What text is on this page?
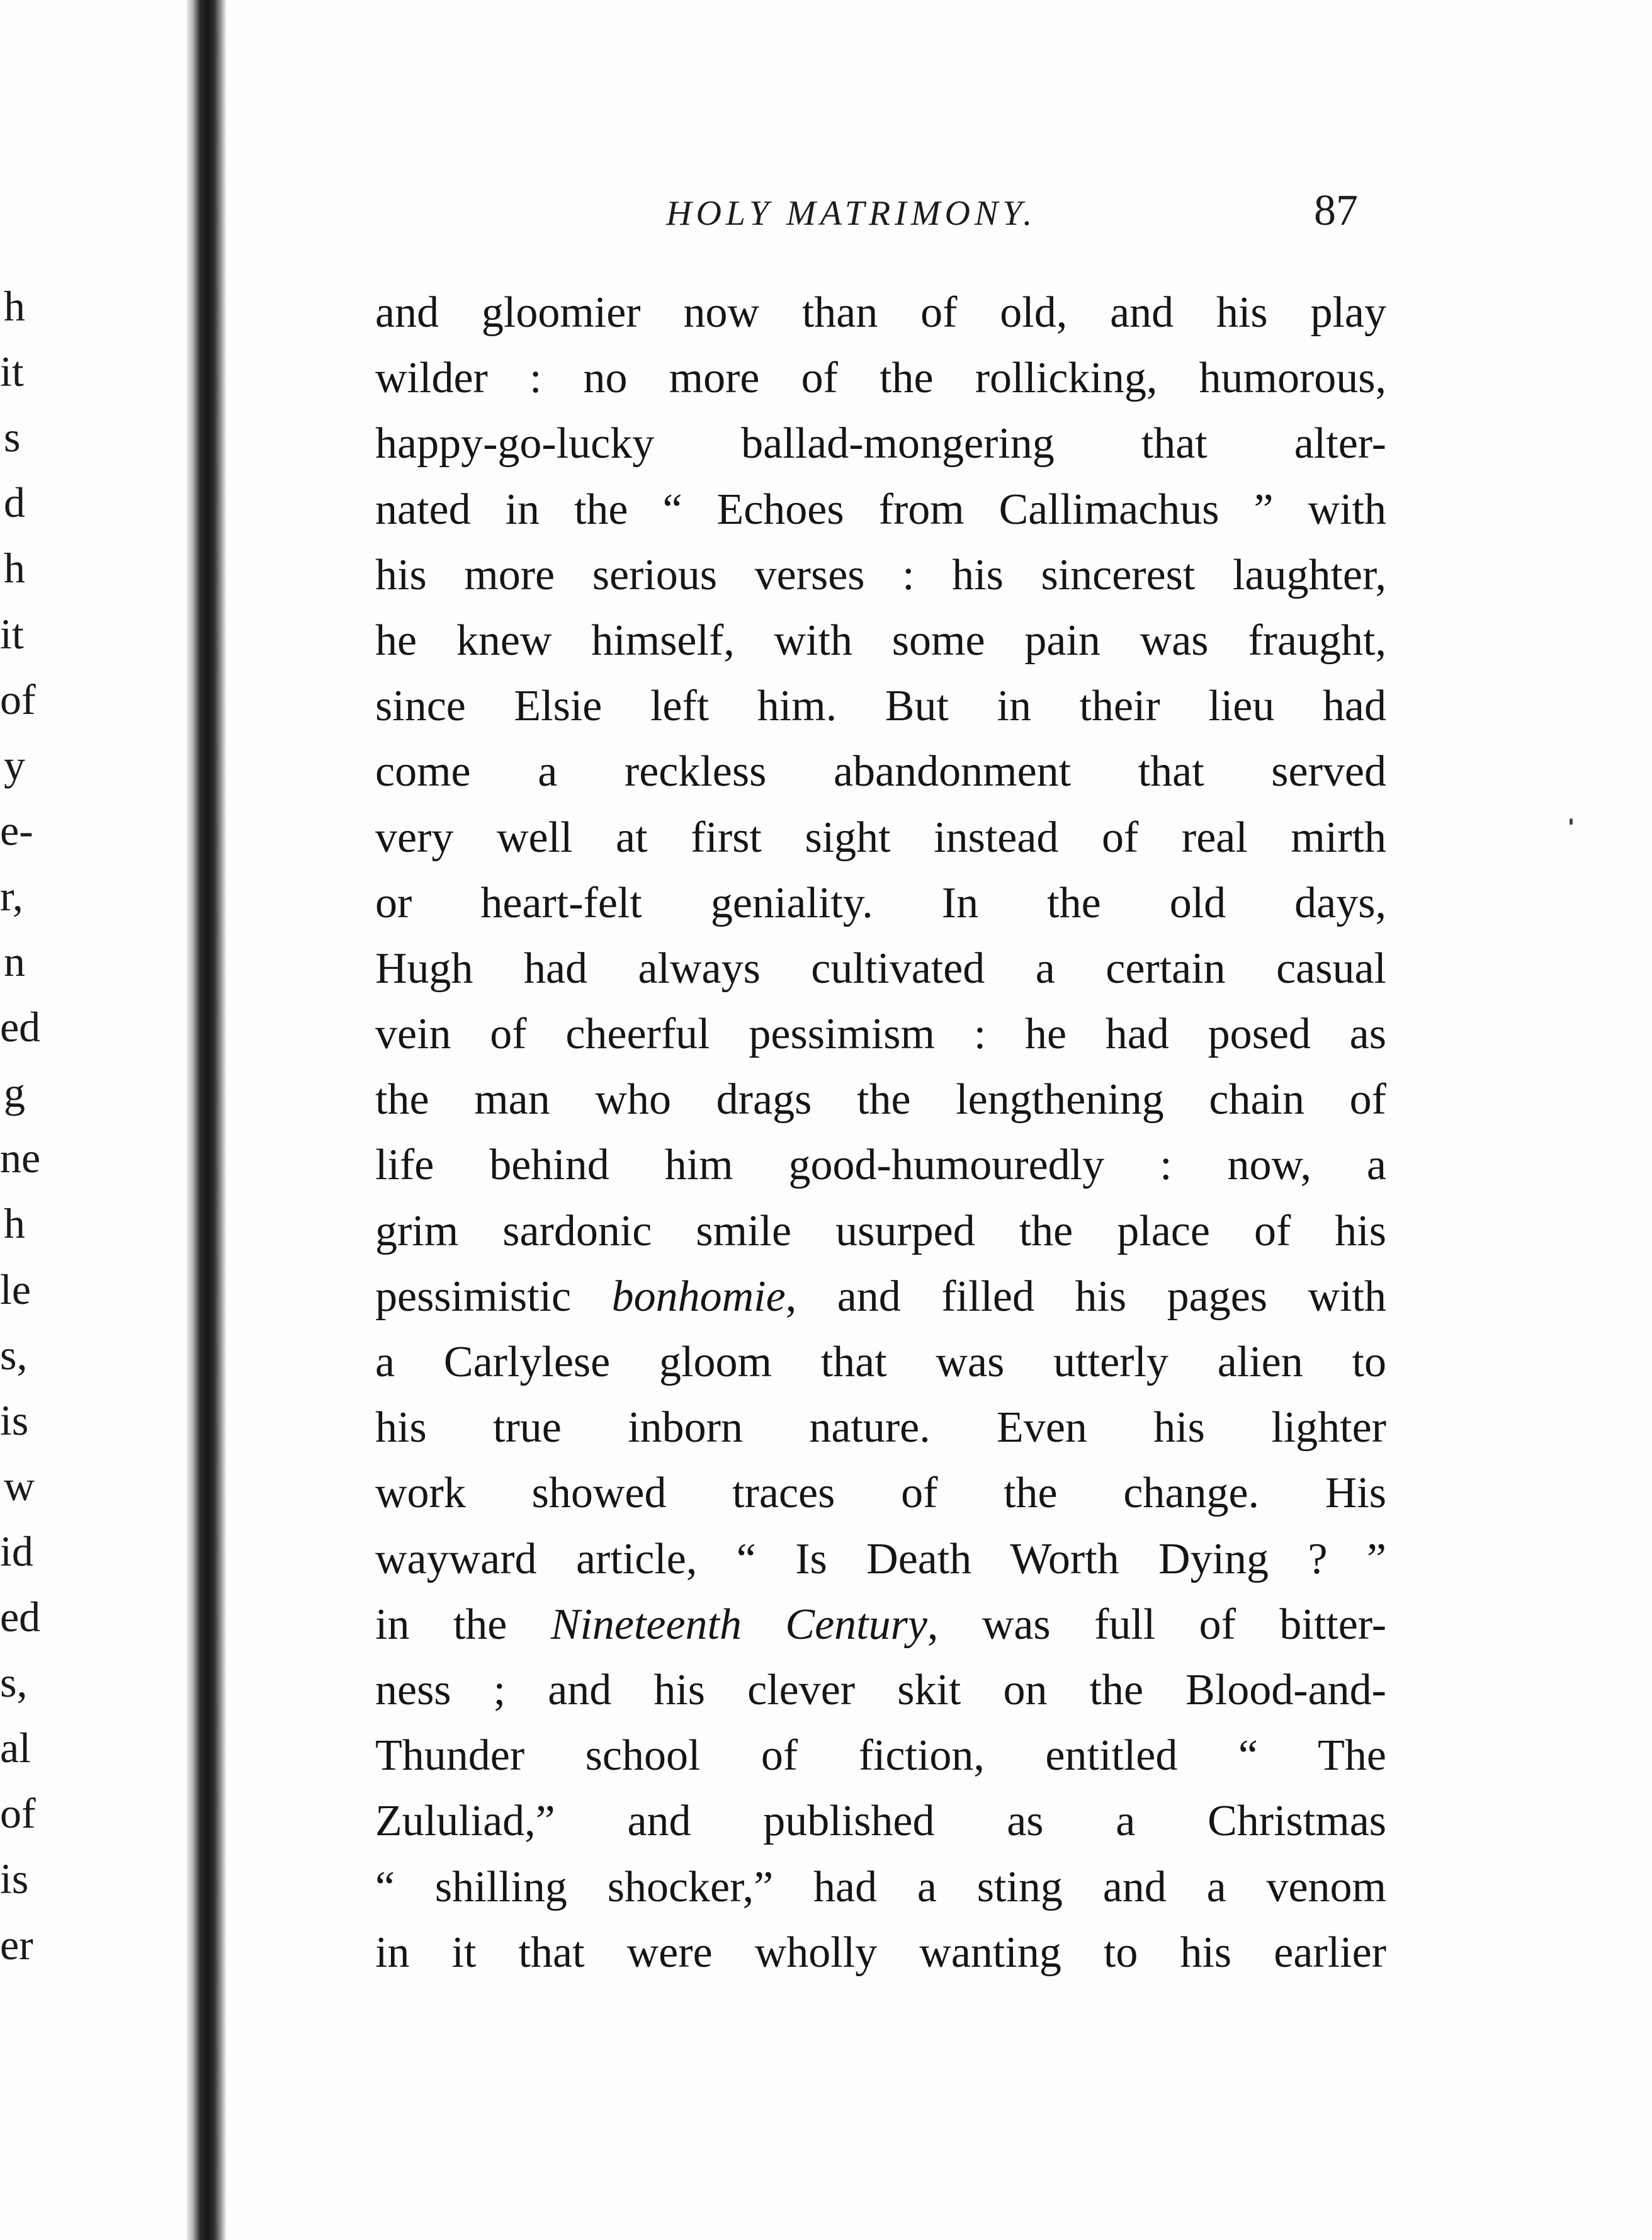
h
it
s
d
h
it
of
y
e-
r,
n
ed
g
ne
h
le
s,
is
w
id
ed
s,
al
of
is
er
HOLY MATRIMONY.	87
and gloomier now than of old, and his play
wilder : no more of the rollicking, humorous,
happy-go-lucky ballad-mongering that alter-
nated in the “ Echoes from Callimachus ” with
his more serious verses : his sincerest laughter,
he knew himself, with some pain was fraught,
since Elsie left him. But in their lieu had
come a reckless abandonment that served
very well at first sight instead of real mirth
or heart-felt geniality. In the old days,
Hugh had always cultivated a certain casual
vein of cheerful pessimism : he had posed as
the man who drags the lengthening chain of
life behind him good-humouredly : now, a
grim sardonic smile usurped the place of his
pessimistic bonhomie, and filled his pages with
a Carlylese gloom that was utterly alien to
his true inborn nature. Even his lighter
work showed traces of the change. His
wayward article, “ Is Death Worth Dying ? ”
in the Nineteenth Century, was full of bitter-
ness ; and his clever skit on the Blood-and-
Thunder school of fiction, entitled “ The
Zululiad,” and published as a Christmas
“ shilling shocker,” had a sting and a venom
in it that were wholly wanting to his earlier
